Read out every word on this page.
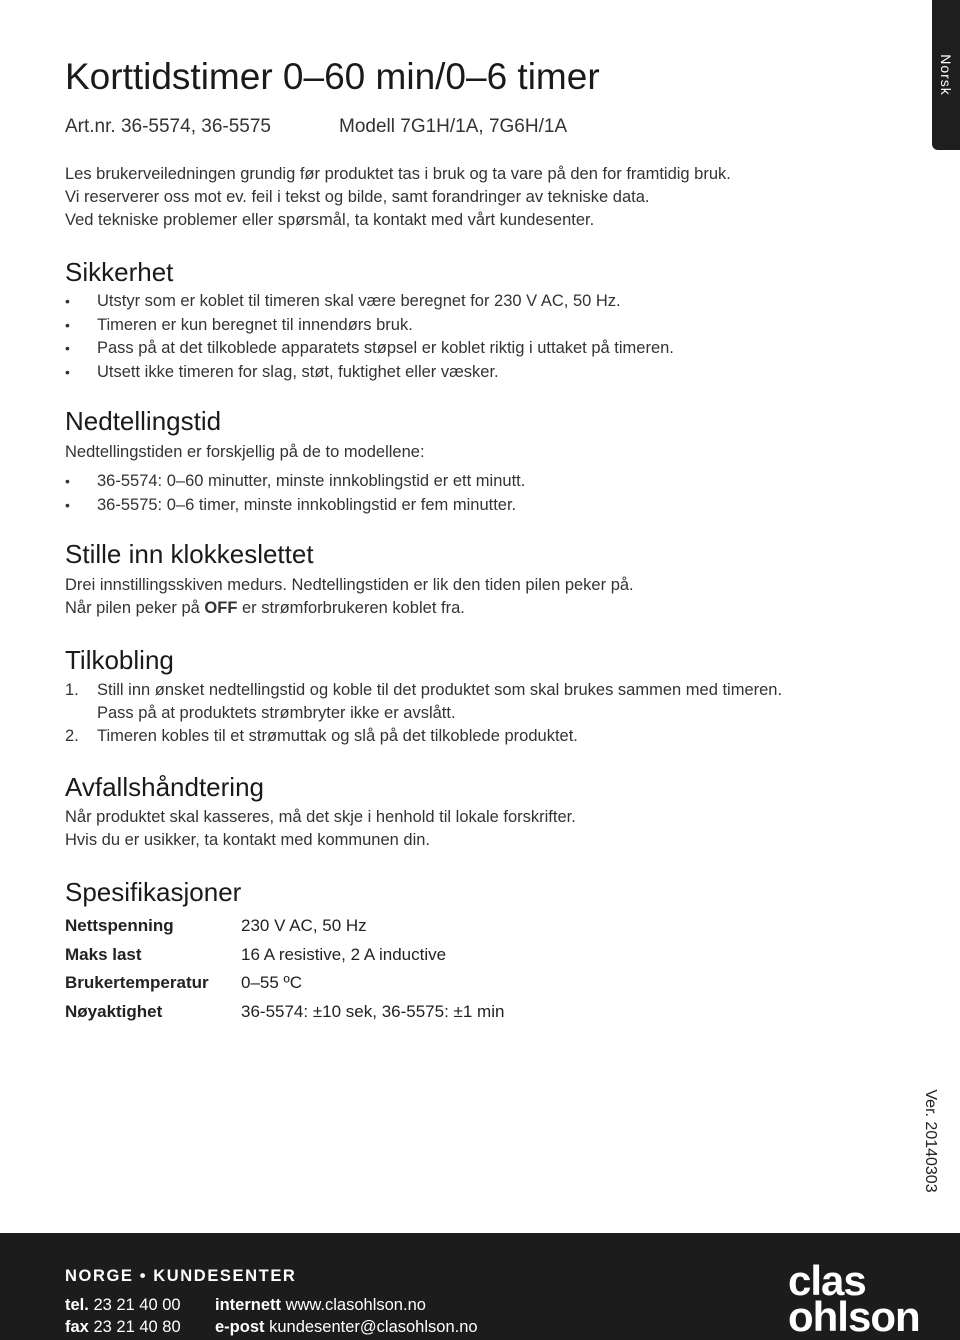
Norsk
Korttidstimer 0–60 min/0–6 timer
Art.nr. 36-5574, 36-5575	Modell 7G1H/1A, 7G6H/1A
Les brukerveiledningen grundig før produktet tas i bruk og ta vare på den for framtidig bruk.
Vi reserverer oss mot ev. feil i tekst og bilde, samt forandringer av tekniske data.
Ved tekniske problemer eller spørsmål, ta kontakt med vårt kundesenter.
Sikkerhet
• Utstyr som er koblet til timeren skal være beregnet for 230 V AC, 50 Hz.
• Timeren er kun beregnet til innendørs bruk.
• Pass på at det tilkoblede apparatets støpsel er koblet riktig i uttaket på timeren.
• Utsett ikke timeren for slag, støt, fuktighet eller væsker.
Nedtellingstid
Nedtellingstiden er forskjellig på de to modellene:
• 36-5574: 0–60 minutter, minste innkoblingstid er ett minutt.
• 36-5575: 0–6 timer, minste innkoblingstid er fem minutter.
Stille inn klokkeslettet
Drei innstillingsskiven medurs. Nedtellingstiden er lik den tiden pilen peker på.
Når pilen peker på OFF er strømforbrukeren koblet fra.
Tilkobling
1. Still inn ønsket nedtellingstid og koble til det produktet som skal brukes sammen med timeren.
Pass på at produktets strømbryter ikke er avslått.
2. Timeren kobles til et strømuttak og slå på det tilkoblede produktet.
Avfallshåndtering
Når produktet skal kasseres, må det skje i henhold til lokale forskrifter.
Hvis du er usikker, ta kontakt med kommunen din.
Spesifikasjoner
Nettspenning	230 V AC, 50 Hz
Maks last	16 A resistive, 2 A inductive
Brukertemperatur 0–55 ºC
Nøyaktighet	36-5574: ±10 sek, 36-5575: ±1 min
Ver. 20140303
NORGE • KUNDESENTER
tel. 23 21 40 00 internett www.clasohlson.no
fax 23 21 40 80 e-post kundesenter@clasohlson.no
clas
ohlson
